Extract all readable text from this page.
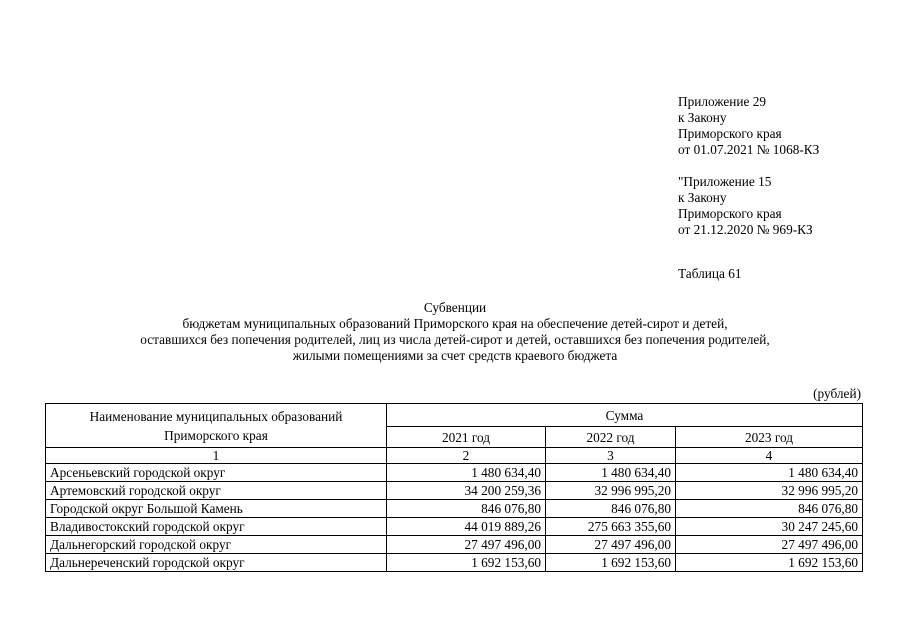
Приложение 29
к Закону
Приморского края
от 01.07.2021 № 1068-КЗ
"Приложение 15
к Закону
Приморского края
от 21.12.2020 № 969-КЗ
Таблица 61
Субвенции
бюджетам муниципальных образований Приморского края на обеспечение детей-сирот и детей,
оставшихся без попечения родителей, лиц из числа детей-сирот и детей, оставшихся без попечения родителей,
жилыми помещениями за счет средств краевого бюджета
(рублей)
Наименование муниципальных образований
Приморского края	Сумма		
	2021 год	2022 год	2023 год
1	2	3	4
Арсеньевский городской округ	1 480 634,40	1 480 634,40	1 480 634,40
Артемовский городской округ	34 200 259,36	32 996 995,20	32 996 995,20
Городской округ Большой Камень	846 076,80	846 076,80	846 076,80
Владивостокский городской округ	44 019 889,26	275 663 355,60	30 247 245,60
Дальнегорский городской округ	27 497 496,00	27 497 496,00	27 497 496,00
Дальнереченский городской округ	1 692 153,60	1 692 153,60	1 692 153,60
